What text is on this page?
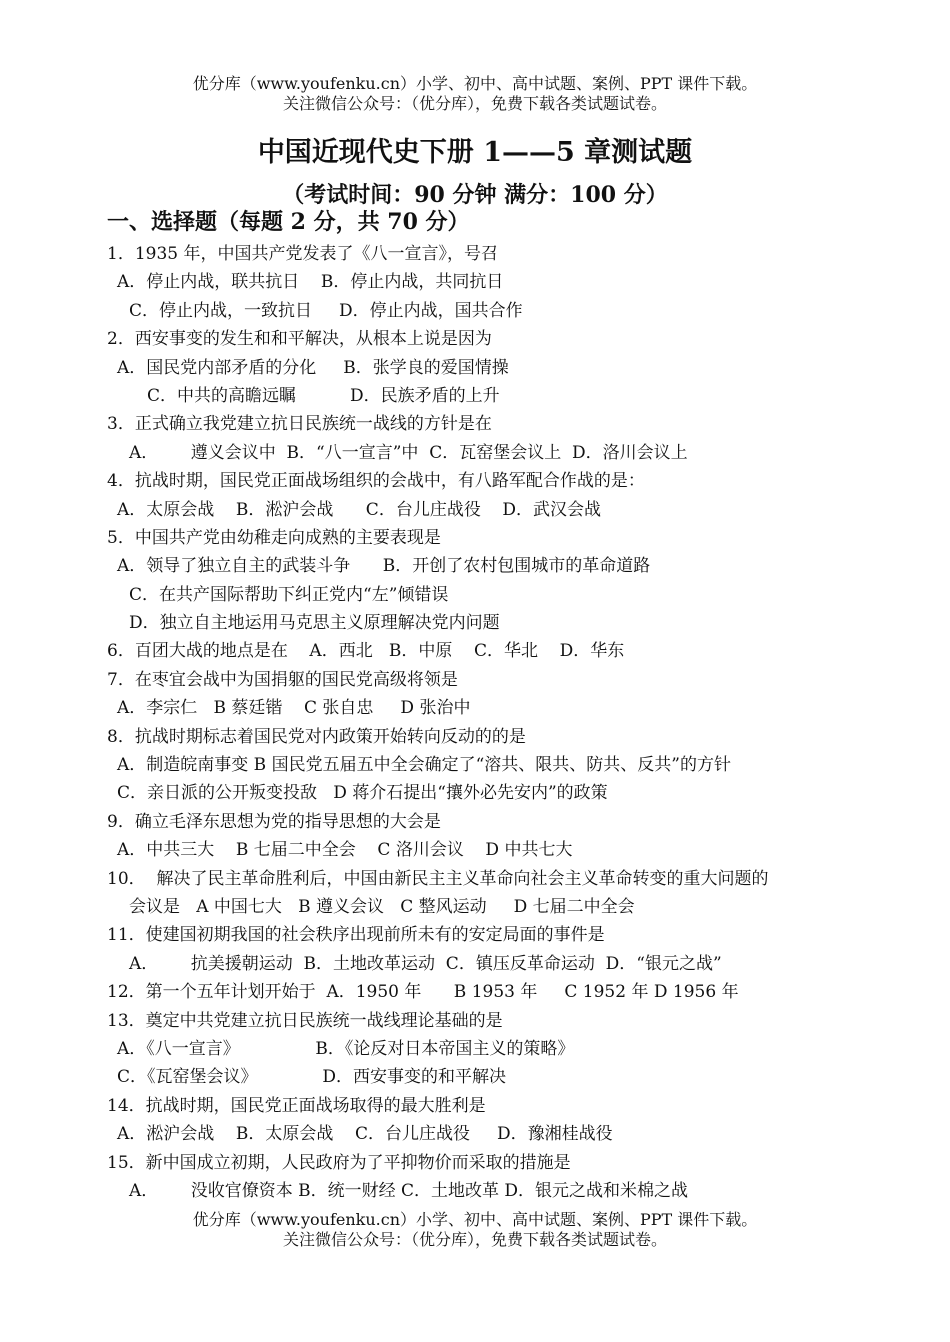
优分库（www.youfenku.cn）小学、初中、高中试题、案例、PPT 课件下载。
关注微信公众号：（优分库），免费下载各类试题试卷。
中国近现代史下册 1——5 章测试题
（考试时间：90 分钟 满分：100 分）
一、选择题（每题 2 分，共 70 分）
1．1935 年，中国共产党发表了《八一宣言》，号召
A．停止内战，联共抗日    B．停止内战，共同抗日
C．停止内战，一致抗日     D．停止内战，国共合作
2．西安事变的发生和和平解决，从根本上说是因为
A．国民党内部矛盾的分化     B．张学良的爱国情操
C．中共的高瞻远瞩          D．民族矛盾的上升
3．正式确立我党建立抗日民族统一战线的方针是在
A．      遵义会议中  B．“八一宣言”中  C．瓦窑堡会议上  D．洛川会议上
4．抗战时期，国民党正面战场组织的会战中，有八路军配合作战的是：
A．太原会战    B．淞沪会战      C．台儿庄战役    D．武汉会战
5．中国共产党由幼稚走向成熟的主要表现是
A．领导了独立自主的武装斗争      B．开创了农村包围城市的革命道路
C．在共产国际帮助下纠正党内“左”倾错误
D．独立自主地运用马克思主义原理解决党内问题
6．百团大战的地点是在    A．西北   B．中原    C．华北    D．华东
7．在枣宜会战中为国捐躯的国民党高级将领是
A．李宗仁   B 蔡廷锴    C 张自忠     D 张治中
8．抗战时期标志着国民党对内政策开始转向反动的的是
A．制造皖南事变 B 国民党五届五中全会确定了“溶共、限共、防共、反共”的方针
C．亲日派的公开叛变投敌   D 蒋介石提出“攘外必先安内”的政策
9．确立毛泽东思想为党的指导思想的大会是
A．中共三大    B 七届二中全会    C 洛川会议    D 中共七大
10．  解决了民主革命胜利后，中国由新民主主义革命向社会主义革命转变的重大问题的
会议是   A 中国七大   B 遵义会议   C 整风运动     D 七届二中全会
11．使建国初期我国的社会秩序出现前所未有的安定局面的事件是
A．      抗美援朝运动  B．土地改革运动  C．镇压反革命运动  D．“银元之战”
12．第一个五年计划开始于  A．1950 年      B 1953 年     C 1952 年 D 1956 年
13．奠定中共党建立抗日民族统一战线理论基础的是
A．《八一宣言》              B．《论反对日本帝国主义的策略》
C．《瓦窑堡会议》            D．西安事变的和平解决
14．抗战时期，国民党正面战场取得的最大胜利是
A．淞沪会战    B．太原会战    C．台儿庄战役     D．豫湘桂战役
15．新中国成立初期，人民政府为了平抑物价而采取的措施是
A．      没收官僚资本 B．统一财经 C．土地改革 D．银元之战和米棉之战
优分库（www.youfenku.cn）小学、初中、高中试题、案例、PPT 课件下载。
关注微信公众号：（优分库），免费下载各类试题试卷。
